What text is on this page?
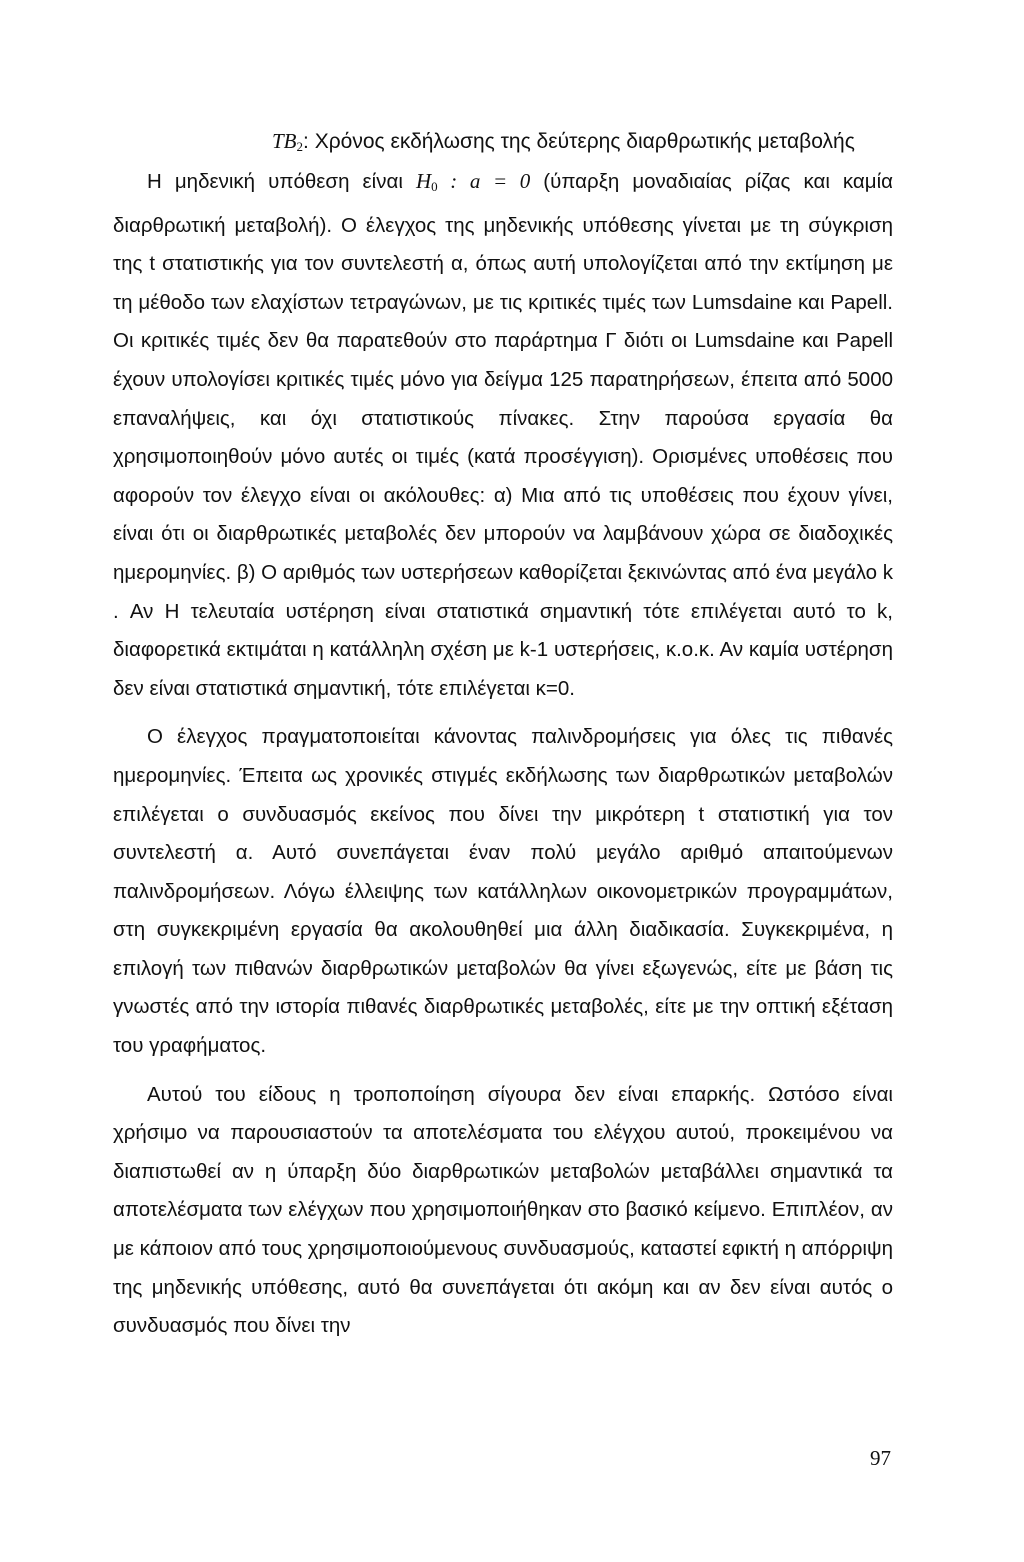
$TB_2$: Χρόνος εκδήλωσης της δεύτερης διαρθρωτικής μεταβολής

Η μηδενική υπόθεση είναι $H_0$ : a = 0 (ύπαρξη μοναδιαίας ρίζας και καμία διαρθρωτική μεταβολή). Ο έλεγχος της μηδενικής υπόθεσης γίνεται με τη σύγκριση της t στατιστικής για τον συντελεστή α, όπως αυτή υπολογίζεται από την εκτίμηση με τη μέθοδο των ελαχίστων τετραγώνων, με τις κριτικές τιμές των Lumsdaine και Papell. Οι κριτικές τιμές δεν θα παρατεθούν στο παράρτημα Γ διότι οι Lumsdaine και Papell έχουν υπολογίσει κριτικές τιμές μόνο για δείγμα 125 παρατηρήσεων, έπειτα από 5000 επαναλήψεις, και όχι στατιστικούς πίνακες. Στην παρούσα εργασία θα χρησιμοποιηθούν μόνο αυτές οι τιμές (κατά προσέγγιση). Ορισμένες υποθέσεις που αφορούν τον έλεγχο είναι οι ακόλουθες: α) Μια από τις υποθέσεις που έχουν γίνει, είναι ότι οι διαρθρωτικές μεταβολές δεν μπορούν να λαμβάνουν χώρα σε διαδοχικές ημερομηνίες. β) Ο αριθμός των υστερήσεων καθορίζεται ξεκινώντας από ένα μεγάλο k . Αν Η τελευταία υστέρηση είναι στατιστικά σημαντική τότε επιλέγεται αυτό το k, διαφορετικά εκτιμάται η κατάλληλη σχέση με k-1 υστερήσεις, κ.ο.κ. Αν καμία υστέρηση δεν είναι στατιστικά σημαντική, τότε επιλέγεται κ=0.

Ο έλεγχος πραγματοποιείται κάνοντας παλινδρομήσεις για όλες τις πιθανές ημερομηνίες. Έπειτα ως χρονικές στιγμές εκδήλωσης των διαρθρωτικών μεταβολών επιλέγεται ο συνδυασμός εκείνος που δίνει την μικρότερη t στατιστική για τον συντελεστή α. Αυτό συνεπάγεται έναν πολύ μεγάλο αριθμό απαιτούμενων παλινδρομήσεων. Λόγω έλλειψης των κατάλληλων οικονομετρικών προγραμμάτων, στη συγκεκριμένη εργασία θα ακολουθηθεί μια άλλη διαδικασία. Συγκεκριμένα, η επιλογή των πιθανών διαρθρωτικών μεταβολών θα γίνει εξωγενώς, είτε με βάση τις γνωστές από την ιστορία πιθανές διαρθρωτικές μεταβολές, είτε με την οπτική εξέταση του γραφήματος.

Αυτού του είδους η τροποποίηση σίγουρα δεν είναι επαρκής. Ωστόσο είναι χρήσιμο να παρουσιαστούν τα αποτελέσματα του ελέγχου αυτού, προκειμένου να διαπιστωθεί αν η ύπαρξη δύο διαρθρωτικών μεταβολών μεταβάλλει σημαντικά τα αποτελέσματα των ελέγχων που χρησιμοποιήθηκαν στο βασικό κείμενο. Επιπλέον, αν με κάποιον από τους χρησιμοποιούμενους συνδυασμούς, καταστεί εφικτή η απόρριψη της μηδενικής υπόθεσης, αυτό θα συνεπάγεται ότι ακόμη και αν δεν είναι αυτός ο συνδυασμός που δίνει την

97
